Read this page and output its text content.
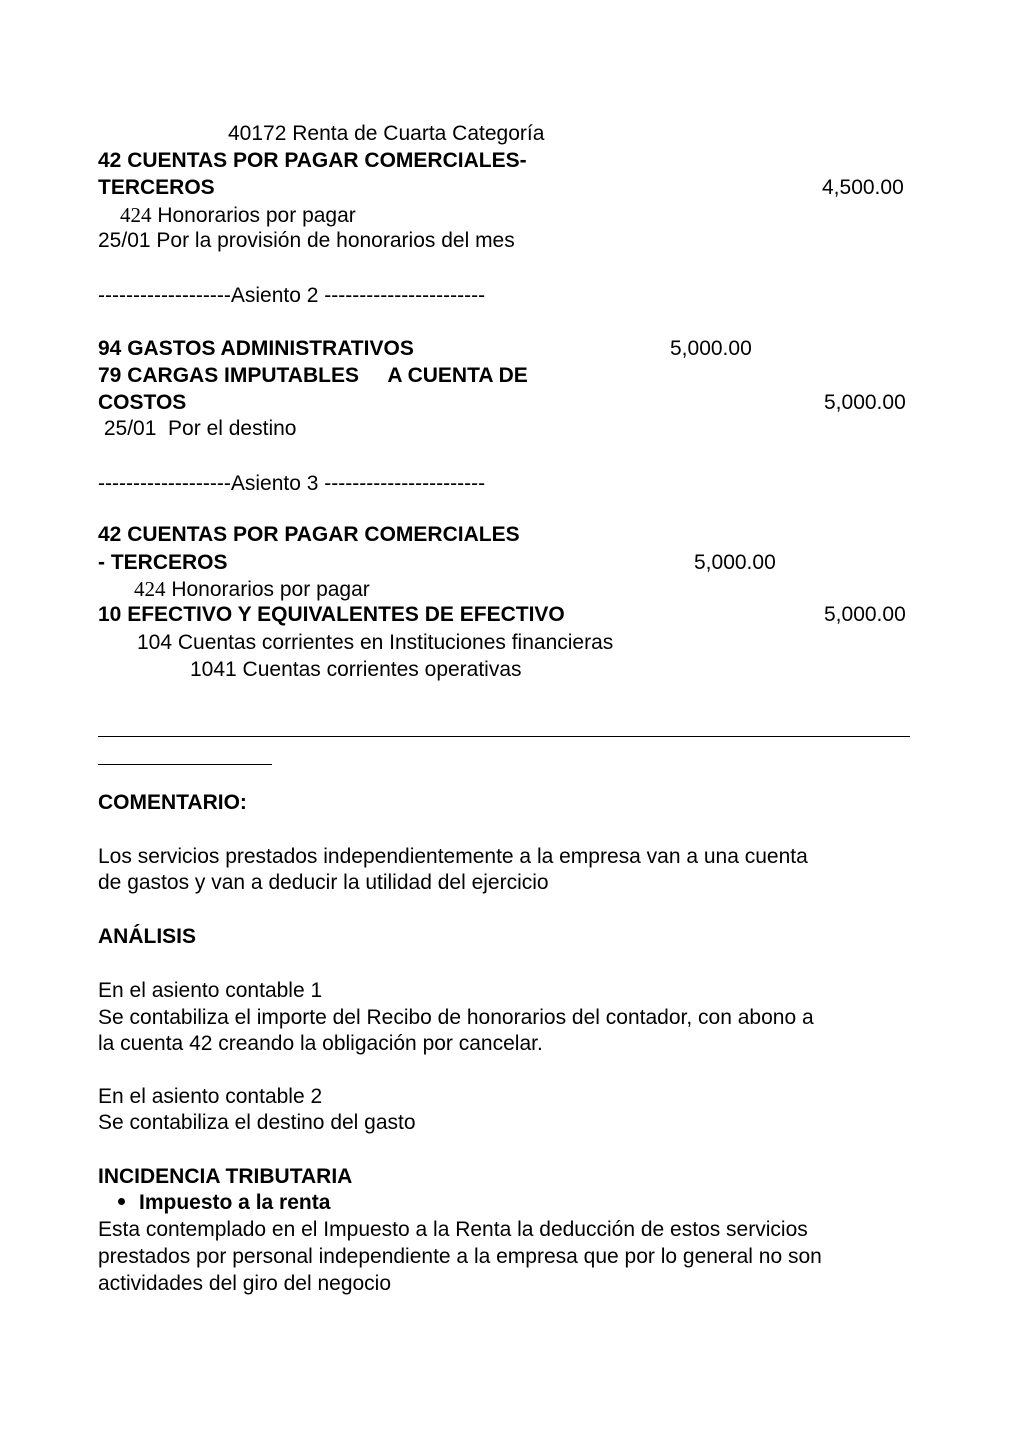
40172 Renta de Cuarta Categoría
42 CUENTAS POR PAGAR COMERCIALES-
TERCEROS	4,500.00
424 Honorarios por pagar
25/01 Por la provisión de honorarios del mes
-------------------Asiento 2 -----------------------
94 GASTOS ADMINISTRATIVOS	5,000.00
79 CARGAS IMPUTABLES     A CUENTA DE
COSTOS	5,000.00
25/01  Por el destino
-------------------Asiento 3 -----------------------
42 CUENTAS POR PAGAR COMERCIALES
- TERCEROS	5,000.00
424 Honorarios por pagar
10 EFECTIVO Y EQUIVALENTES DE EFECTIVO	5,000.00
104 Cuentas corrientes en Instituciones financieras
1041 Cuentas corrientes operativas
COMENTARIO:
Los servicios prestados independientemente a la empresa van a una cuenta
de gastos y van a deducir la utilidad del ejercicio
ANÁLISIS
En el asiento contable 1
Se contabiliza el importe del Recibo de honorarios del contador, con abono a
la cuenta 42 creando la obligación por cancelar.
En el asiento contable 2
Se contabiliza el destino del gasto
INCIDENCIA TRIBUTARIA
Impuesto a la renta
Esta contemplado en el Impuesto a la Renta la deducción de estos servicios
prestados por personal independiente a la empresa que por lo general no son
actividades del giro del negocio
